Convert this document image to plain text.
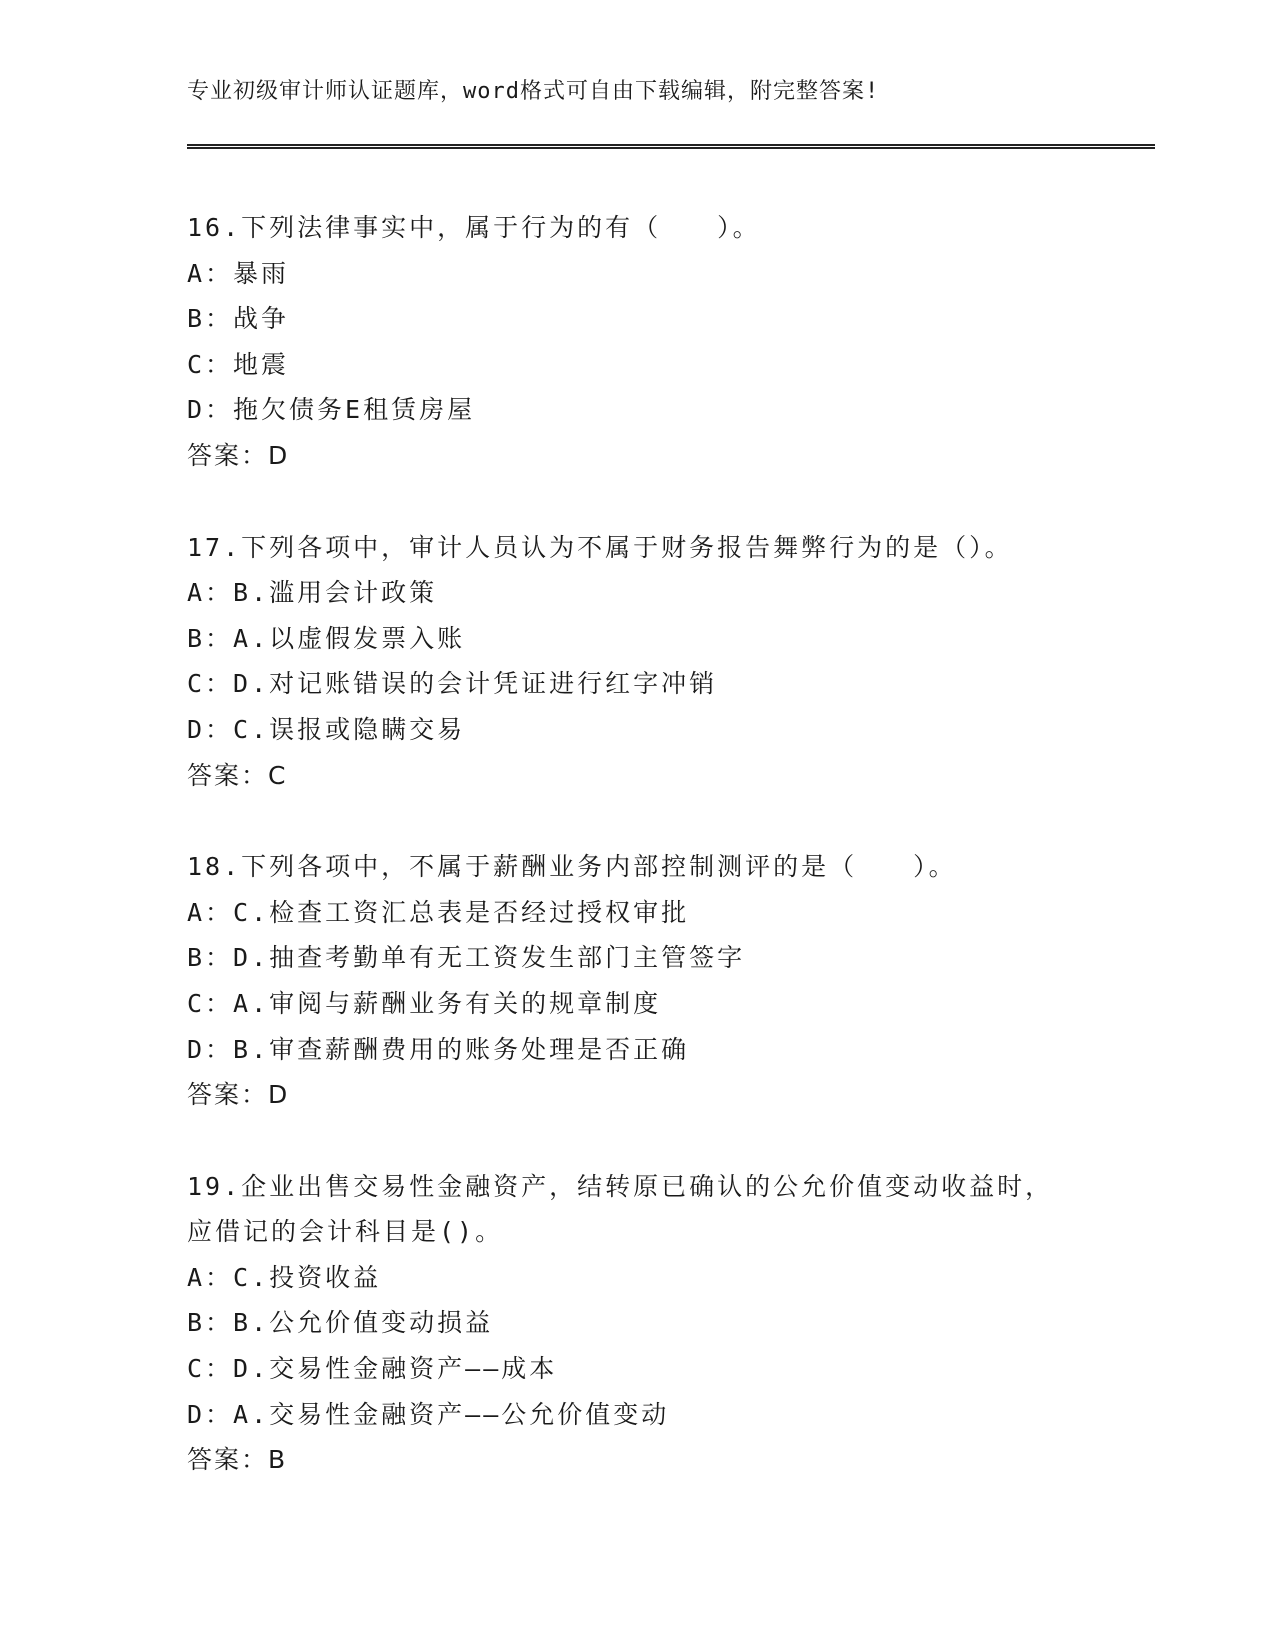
专业初级审计师认证题库，word格式可自由下载编辑，附完整答案!
16.下列法律事实中，属于行为的有（　　）。
A：暴雨
B：战争
C：地震
D：拖欠债务E租赁房屋
答案：D
17.下列各项中，审计人员认为不属于财务报告舞弊行为的是（）。
A：B.滥用会计政策
B：A.以虚假发票入账
C：D.对记账错误的会计凭证进行红字冲销
D：C.误报或隐瞒交易
答案：C
18.下列各项中，不属于薪酬业务内部控制测评的是（　　）。
A：C.检查工资汇总表是否经过授权审批
B：D.抽查考勤单有无工资发生部门主管签字
C：A.审阅与薪酬业务有关的规章制度
D：B.审查薪酬费用的账务处理是否正确
答案：D
19.企业出售交易性金融资产，结转原已确认的公允价值变动收益时，
应借记的会计科目是()。
A：C.投资收益
B：B.公允价值变动损益
C：D.交易性金融资产——成本
D：A.交易性金融资产——公允价值变动
答案：B
